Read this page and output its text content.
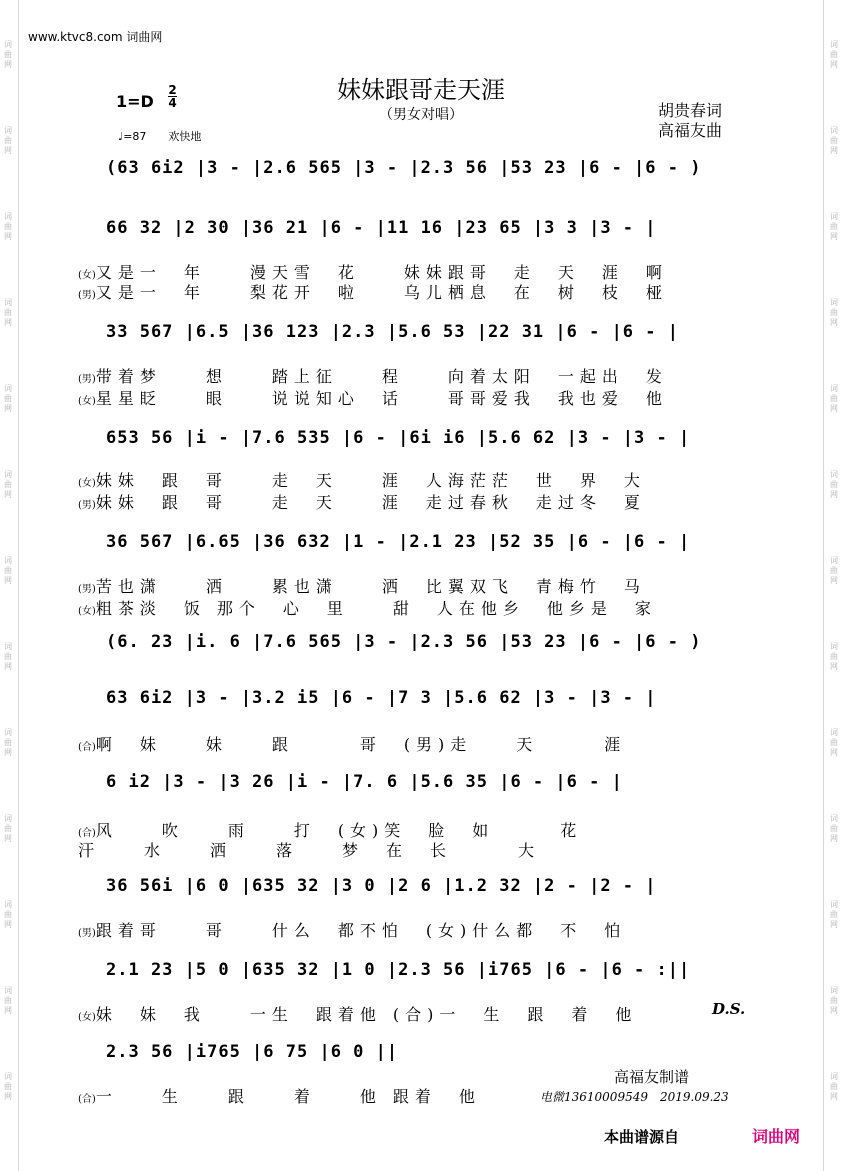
词曲网
词曲网
词曲网
词曲网
词曲网
词曲网
词曲网
词曲网
词曲网
词曲网
词曲网
词曲网
词曲网
词曲网
词曲网
词曲网
词曲网
词曲网
词曲网
词曲网
词曲网
词曲网
词曲网
词曲网
词曲网
词曲网
www.ktvc8.com 词曲网
妹妹跟哥走天涯
（男女对唱）
1=D
2
4
♩=87　　欢快地
胡贵春词
高福友曲
(63 6i2 |3 - |2.6 565 |3 - |2.3 56 |53 23 |6 - |6 - )
66 32 |2 30 |36 21 |6 - |11 16 |23 65 |3 3 |3 - |
33 567 |6.5 |36 123 |2.3 |5.6 53 |22 31 |6 - |6 - |
653 56 |i - |7.6 535 |6 - |6i i6 |5.6 62 |3 - |3 - |
36 567 |6.65 |36 632 |1 - |2.1 23 |52 35 |6 - |6 - |
(6. 23 |i. 6 |7.6 565 |3 - |2.3 56 |53 23 |6 - |6 - )
63 6i2 |3 - |3.2 i5 |6 - |7 3 |5.6 62 |3 - |3 - |
6 i2 |3 - |3 26 |i - |7. 6 |5.6 35 |6 - |6 - |
36 56i |6 0 |635 32 |3 0 |2 6 |1.2 32 |2 - |2 - |
2.1 23 |5 0 |635 32 |1 0 |2.3 56 |i765 |6 - |6 - :||
2.3 56 |i765 |6 75 |6 0 ||
(女)又是一　年　　漫天雪　花　　妹妹跟哥　走　天　涯　啊
(男)又是一　年　　梨花开　啦　　乌儿栖息　在　树　枝　桠
(男)带着梦　　想　　踏上征　　程　　向着太阳　一起出　发
(女)星星眨　　眼　　说说知心　话　　哥哥爱我　我也爱　他
(女)妹妹　跟　哥　　走　天　　涯　人海茫茫　世　界　大
(男)妹妹　跟　哥　　走　天　　涯　走过春秋　走过冬　夏
(男)苦也潇　　洒　　累也潇　　洒　比翼双飞　青梅竹　马
(女)粗茶淡　饭 那个　心　里　　甜　人在他乡　他乡是　家
(合)啊　妹　　妹　　跟　　　哥　(男)走　　天　　　涯
(合)风　　吹　　雨　　打　(女)笑　脸　如　　　花
汗　　水　　洒　　落　　梦　在　长　　　大
(男)跟着哥　　哥　　什么　都不怕　(女)什么都　不　怕
(女)妹　妹　我　　一生　跟着他 (合)一　生　跟　着　他
(合)一　　生　　跟　　着　　他 跟着　他
D.S.
高福友制谱
电微13610009549　2019.09.23
本曲谱源自	词曲网
